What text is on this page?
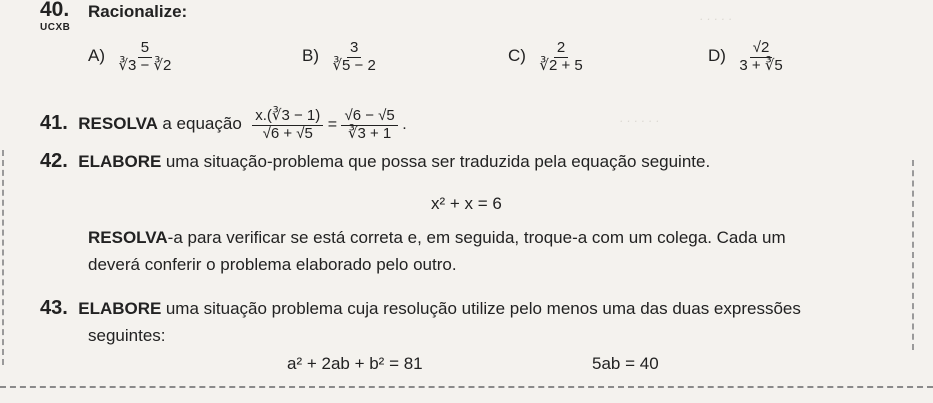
. . . . .
. . . . . .
40. Racionalize:
UCXB
$A) \frac{5}{∛3 - ∛2}$	$B) \frac{3}{∛5 - 2}$	$C) \frac{2}{∛2 + 5}$	$D) \frac{√2}{3 + ∛5}$
41. RESOLVA a equação $\frac{x.(∛3 - 1)}{√6 + √5} = \frac{√6 - √5}{∛3 + 1}$ .
42. ELABORE uma situação-problema que possa ser traduzida pela equação seguinte.
x² + x = 6
RESOLVA-a para verificar se está correta e, em seguida, troque-a com um colega. Cada um
deverá conferir o problema elaborado pelo outro.
43. ELABORE uma situação problema cuja resolução utilize pelo menos uma das duas expressões
seguintes:
a² + 2ab + b² = 81	5ab = 40
